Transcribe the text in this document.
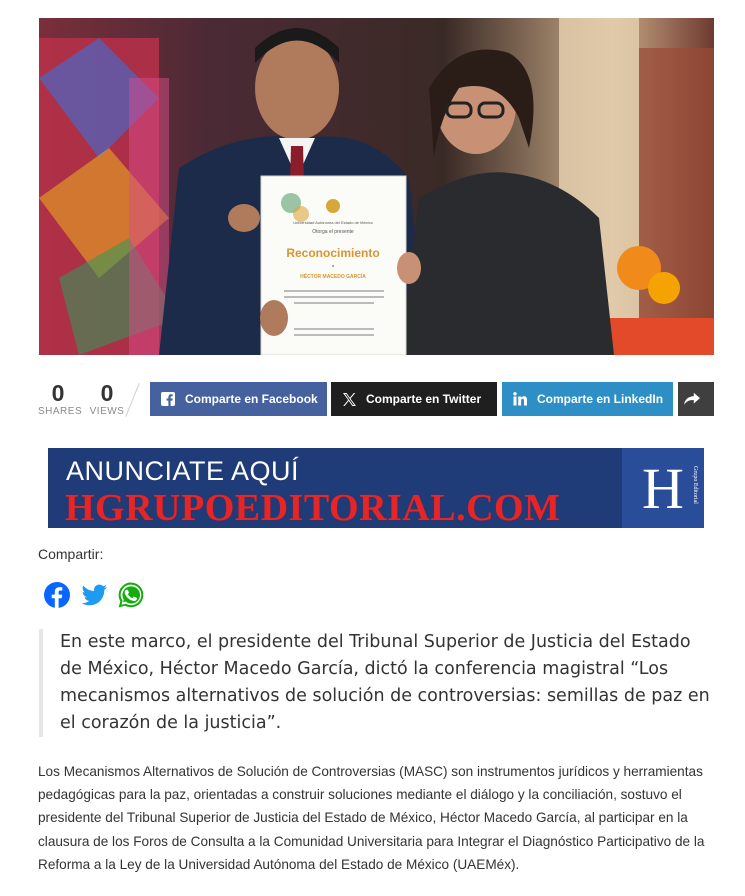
Universidad Autónoma del Estado de México
Otorga el presente
Reconocimiento
a
HÉCTOR MACEDO GARCÍA
0
SHARES
0
VIEWS
Comparte en Facebook	Comparte en Twitter	Comparte en LinkedIn
ANUNCIATE AQUÍ
HGRUPOEDITORIAL.COM H Grupo Editorial
Compartir:
En este marco, el presidente del Tribunal Superior de Justicia del Estado de México, Héctor Macedo García, dictó la conferencia magistral “Los mecanismos alternativos de solución de controversias: semillas de paz en el corazón de la justicia”.

Los Mecanismos Alternativos de Solución de Controversias (MASC) son instrumentos jurídicos y herramientas pedagógicas para la paz, orientadas a construir soluciones mediante el diálogo y la conciliación, sostuvo el presidente del Tribunal Superior de Justicia del Estado de México, Héctor Macedo García, al participar en la clausura de los Foros de Consulta a la Comunidad Universitaria para Integrar el Diagnóstico Participativo de la Reforma a la Ley de la Universidad Autónoma del Estado de México (UAEMéx).
